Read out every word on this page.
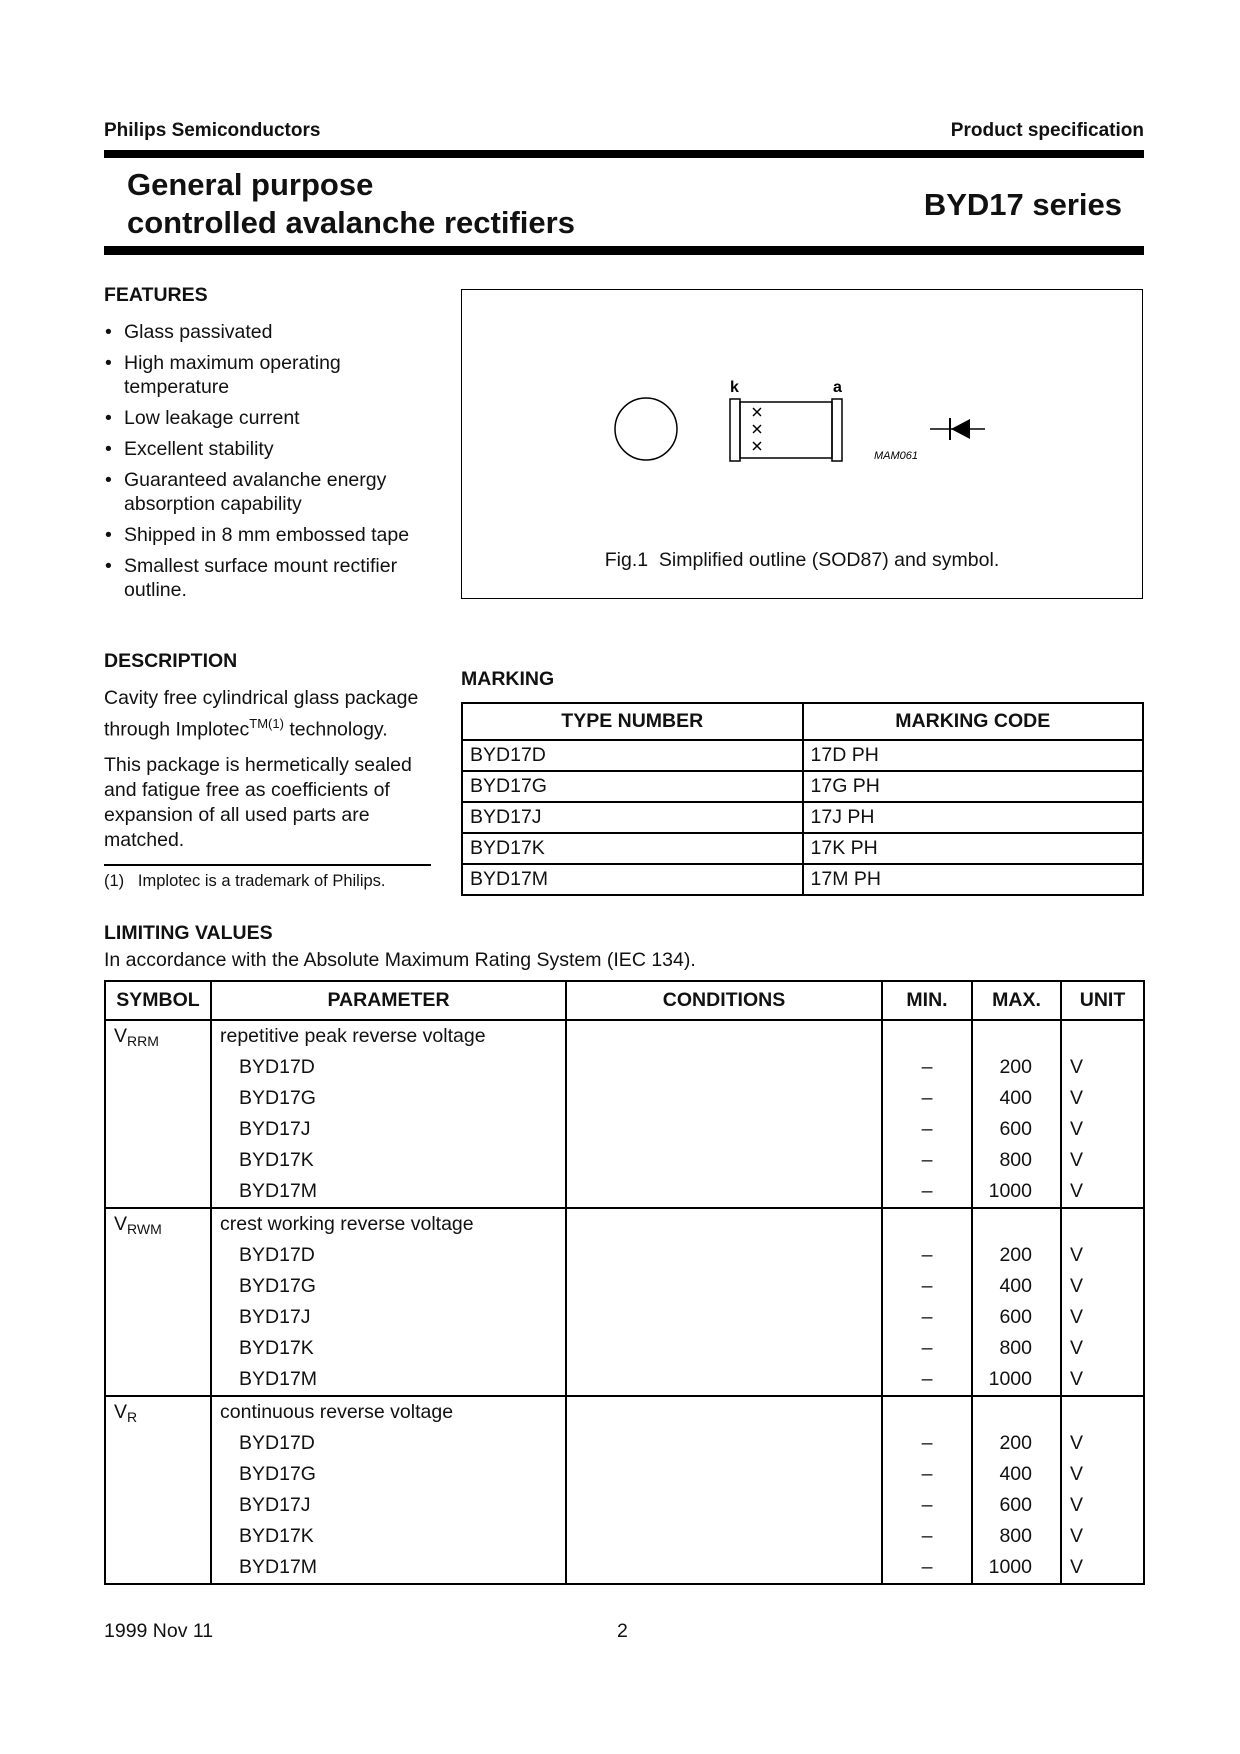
Philips Semiconductors	Product specification
General purpose
controlled avalanche rectifiers
BYD17 series
FEATURES
• Glass passivated
• High maximum operating
temperature
• Low leakage current
• Excellent stability
• Guaranteed avalanche energy
absorption capability
• Shipped in 8 mm embossed tape
• Smallest surface mount rectifier
outline.
k	a
MAM061
Fig.1  Simplified outline (SOD87) and symbol.
DESCRIPTION
Cavity free cylindrical glass package
through Implotec$^{TM(1)}$ technology.
This package is hermetically sealed
and fatigue free as coefficients of
expansion of all used parts are
matched.
(1)   Implotec is a trademark of Philips.
MARKING
TYPE NUMBER	MARKING CODE
BYD17D	17D PH
BYD17G	17G PH
BYD17J	17J PH
BYD17K	17K PH
BYD17M	17M PH
LIMITING VALUES
In accordance with the Absolute Maximum Rating System (IEC 134).
SYMBOL	PARAMETER	CONDITIONS	MIN.	MAX.	UNIT
$V_{RRM}$	repetitive peak reverse voltage				
	BYD17D		–	200	V
	BYD17G		–	400	V
	BYD17J		–	600	V
	BYD17K		–	800	V
	BYD17M		–	1000	V
$V_{RWM}$	crest working reverse voltage				
	BYD17D		–	200	V
	BYD17G		–	400	V
	BYD17J		–	600	V
	BYD17K		–	800	V
	BYD17M		–	1000	V
$V_R$	continuous reverse voltage				
	BYD17D		–	200	V
	BYD17G		–	400	V
	BYD17J		–	600	V
	BYD17K		–	800	V
	BYD17M		–	1000	V
1999 Nov 11	2
